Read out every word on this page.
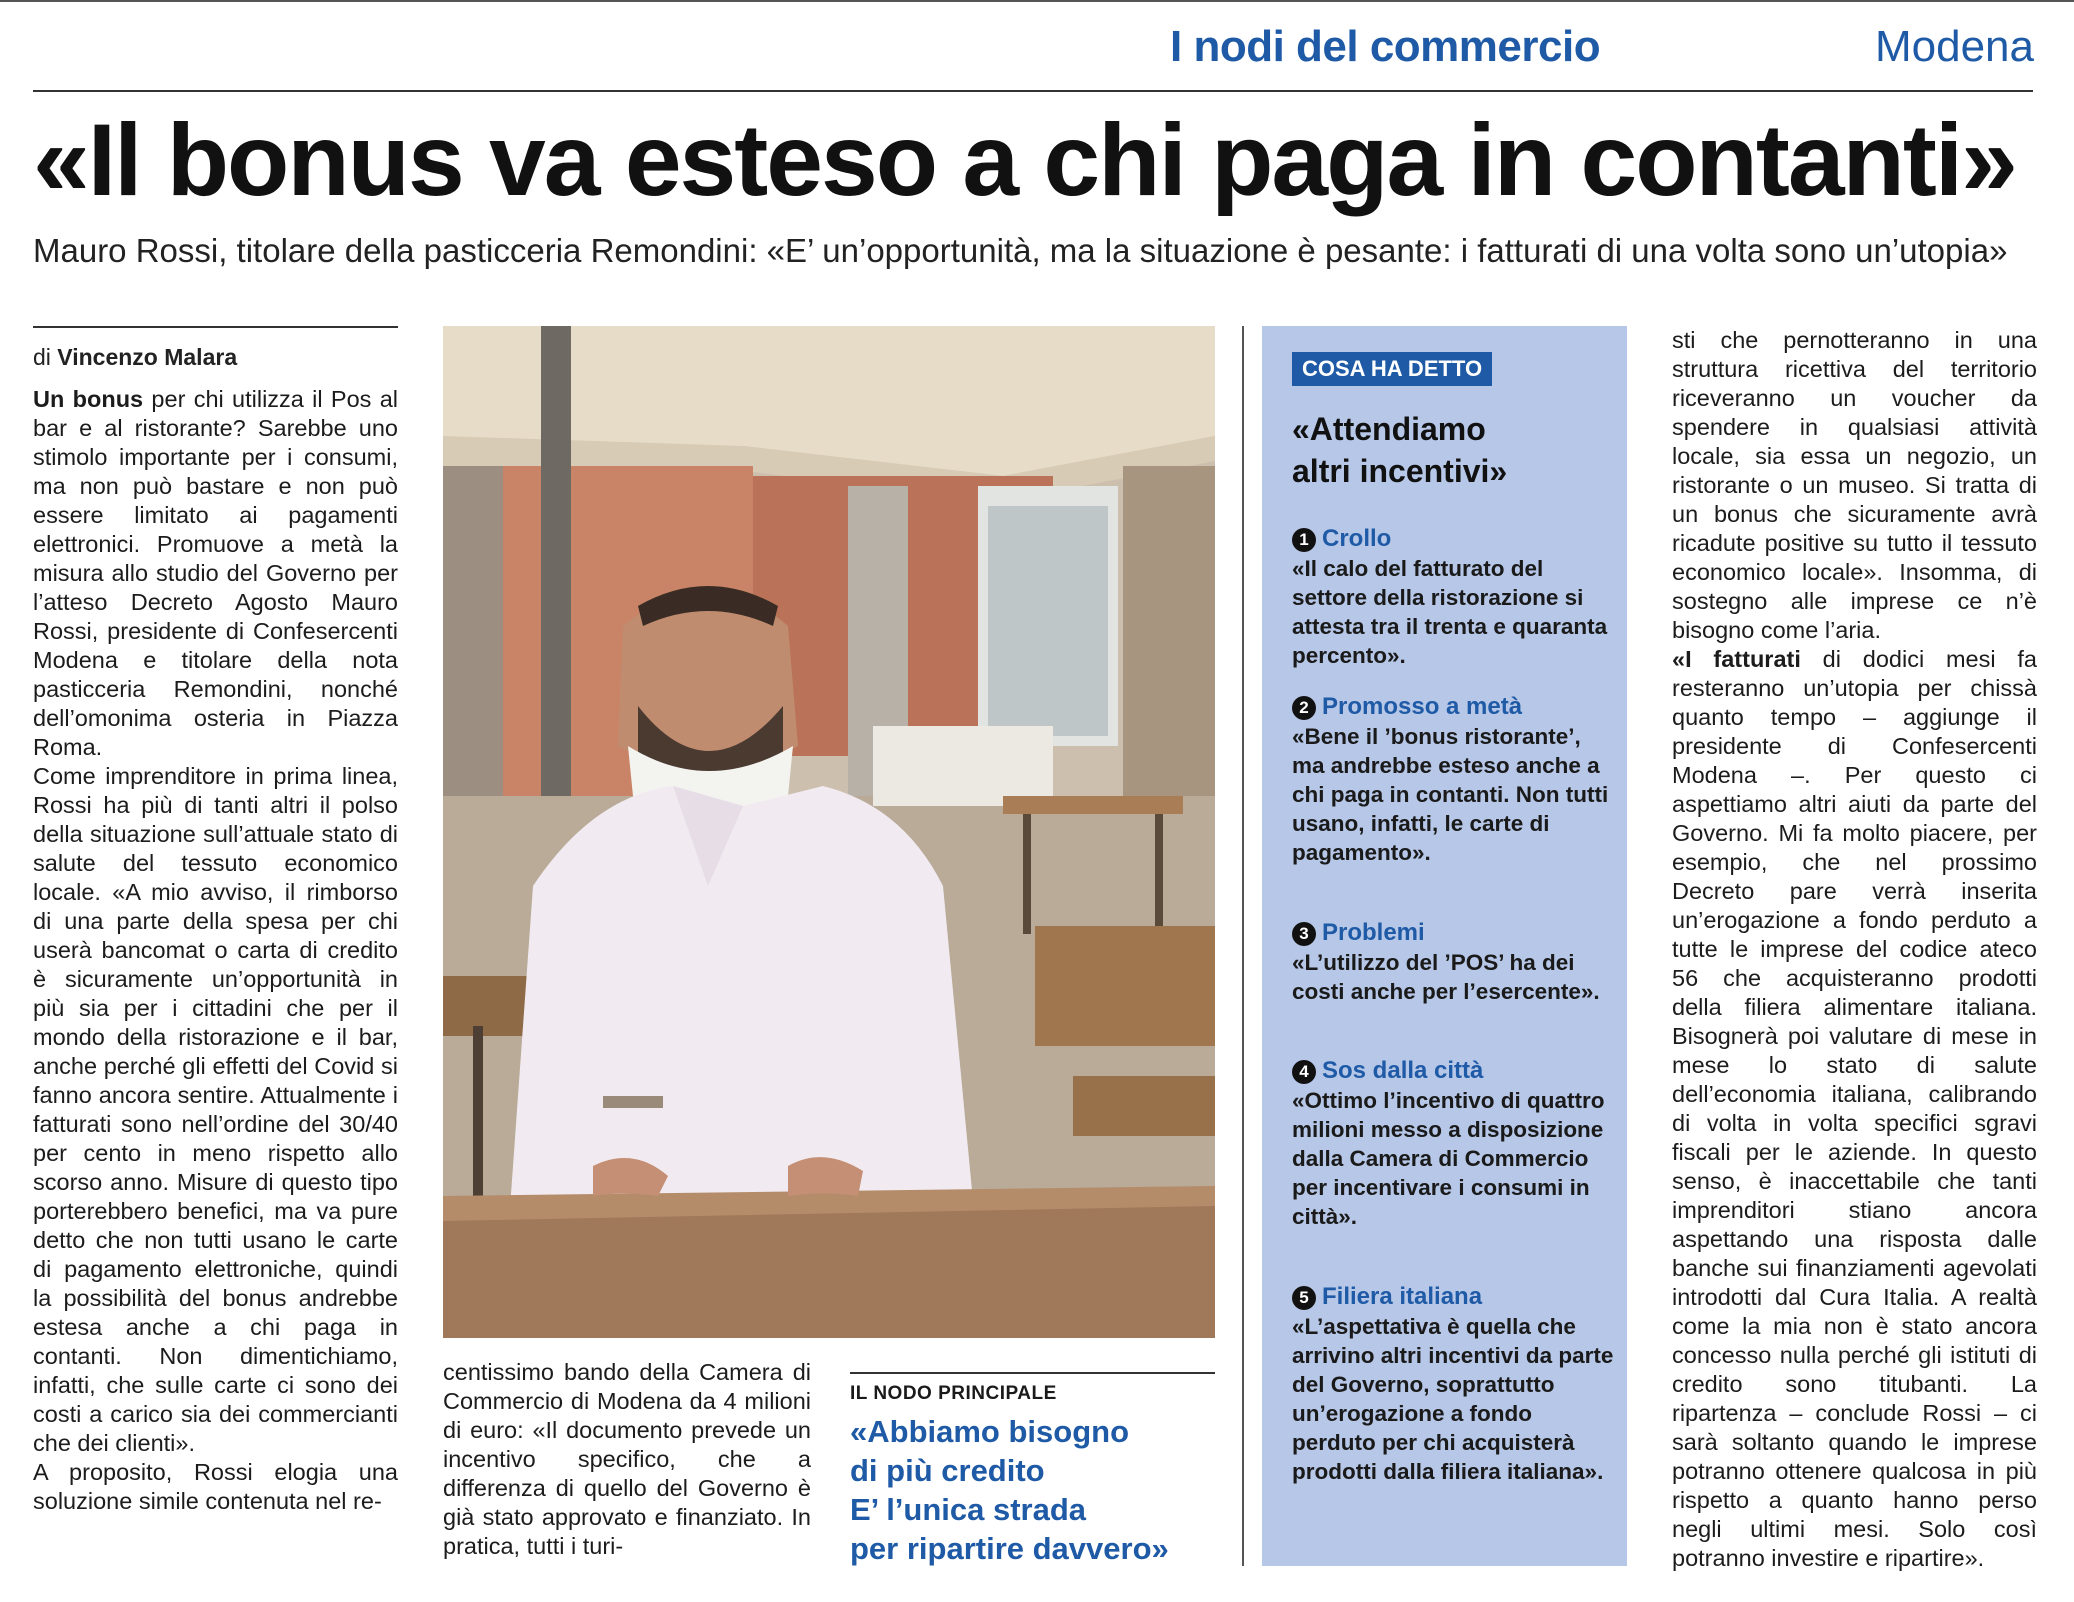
I nodi del commercio	Modena
«Il bonus va esteso a chi paga in contanti»
Mauro Rossi, titolare della pasticceria Remondini: «E’ un’opportunità, ma la situazione è pesante: i fatturati di una volta sono un’utopia»
di Vincenzo Malara

Un bonus per chi utilizza il Pos al bar e al ristorante? Sarebbe uno stimolo importante per i consumi, ma non può bastare e non può essere limitato ai pagamenti elettronici. Promuove a metà la misura allo studio del Governo per l’atteso Decreto Agosto Mauro Rossi, presidente di Confesercenti Modena e titolare della nota pasticceria Remondini, nonché dell’omonima osteria in Piazza Roma.

Come imprenditore in prima linea, Rossi ha più di tanti altri il polso della situazione sull’attuale stato di salute del tessuto economico locale. «A mio avviso, il rimborso di una parte della spesa per chi userà bancomat o carta di credito è sicuramente un’opportunità in più sia per i cittadini che per il mondo della ristorazione e il bar, anche perché gli effetti del Covid si fanno ancora sentire. Attualmente i fatturati sono nell’ordine del 30/40 per cento in meno rispetto allo scorso anno. Misure di questo tipo porterebbero benefici, ma va pure detto che non tutti usano le carte di pagamento elettroniche, quindi la possibilità del bonus andrebbe estesa anche a chi paga in contanti. Non dimentichiamo, infatti, che sulle carte ci sono dei costi a carico sia dei commercianti che dei clienti».

A proposito, Rossi elogia una soluzione simile contenuta nel re-

centissimo bando della Camera di Commercio di Modena da 4 milioni di euro: «Il documento prevede un incentivo specifico, che a differenza di quello del Governo è già stato approvato e finanziato. In pratica, tutti i turi-

IL NODO PRINCIPALE
«Abbiamo bisogno
di più credito
E’ l’unica strada
per ripartire davvero»
COSA HA DETTO
«Attendiamo
altri incentivi»
1 Crollo
«Il calo del fatturato del settore della ristorazione si attesta tra il trenta e quaranta percento».
2 Promosso a metà
«Bene il ’bonus ristorante’, ma andrebbe esteso anche a chi paga in contanti. Non tutti usano, infatti, le carte di pagamento».
3 Problemi
«L’utilizzo del ’POS’ ha dei costi anche per l’esercente».
4 Sos dalla città
«Ottimo l’incentivo di quattro milioni messo a disposizione dalla Camera di Commercio per incentivare i consumi in città».
5 Filiera italiana
«L’aspettativa è quella che arrivino altri incentivi da parte del Governo, soprattutto un’erogazione a fondo perduto per chi acquisterà prodotti dalla filiera italiana».

sti che pernotteranno in una struttura ricettiva del territorio riceveranno un voucher da spendere in qualsiasi attività locale, sia essa un negozio, un ristorante o un museo. Si tratta di un bonus che sicuramente avrà ricadute positive su tutto il tessuto economico locale». Insomma, di sostegno alle imprese ce n’è bisogno come l’aria.

«I fatturati di dodici mesi fa resteranno un’utopia per chissà quanto tempo – aggiunge il presidente di Confesercenti Modena –. Per questo ci aspettiamo altri aiuti da parte del Governo. Mi fa molto piacere, per esempio, che nel prossimo Decreto pare verrà inserita un’erogazione a fondo perduto a tutte le imprese del codice ateco 56 che acquisteranno prodotti della filiera alimentare italiana. Bisognerà poi valutare di mese in mese lo stato di salute dell’economia italiana, calibrando di volta in volta specifici sgravi fiscali per le aziende. In questo senso, è inaccettabile che tanti imprenditori stiano ancora aspettando una risposta dalle banche sui finanziamenti agevolati introdotti dal Cura Italia. A realtà come la mia non è stato ancora concesso nulla perché gli istituti di credito sono titubanti. La ripartenza – conclude Rossi – ci sarà soltanto quando le imprese potranno ottenere qualcosa in più rispetto a quanto hanno perso negli ultimi mesi. Solo così potranno investire e ripartire».
